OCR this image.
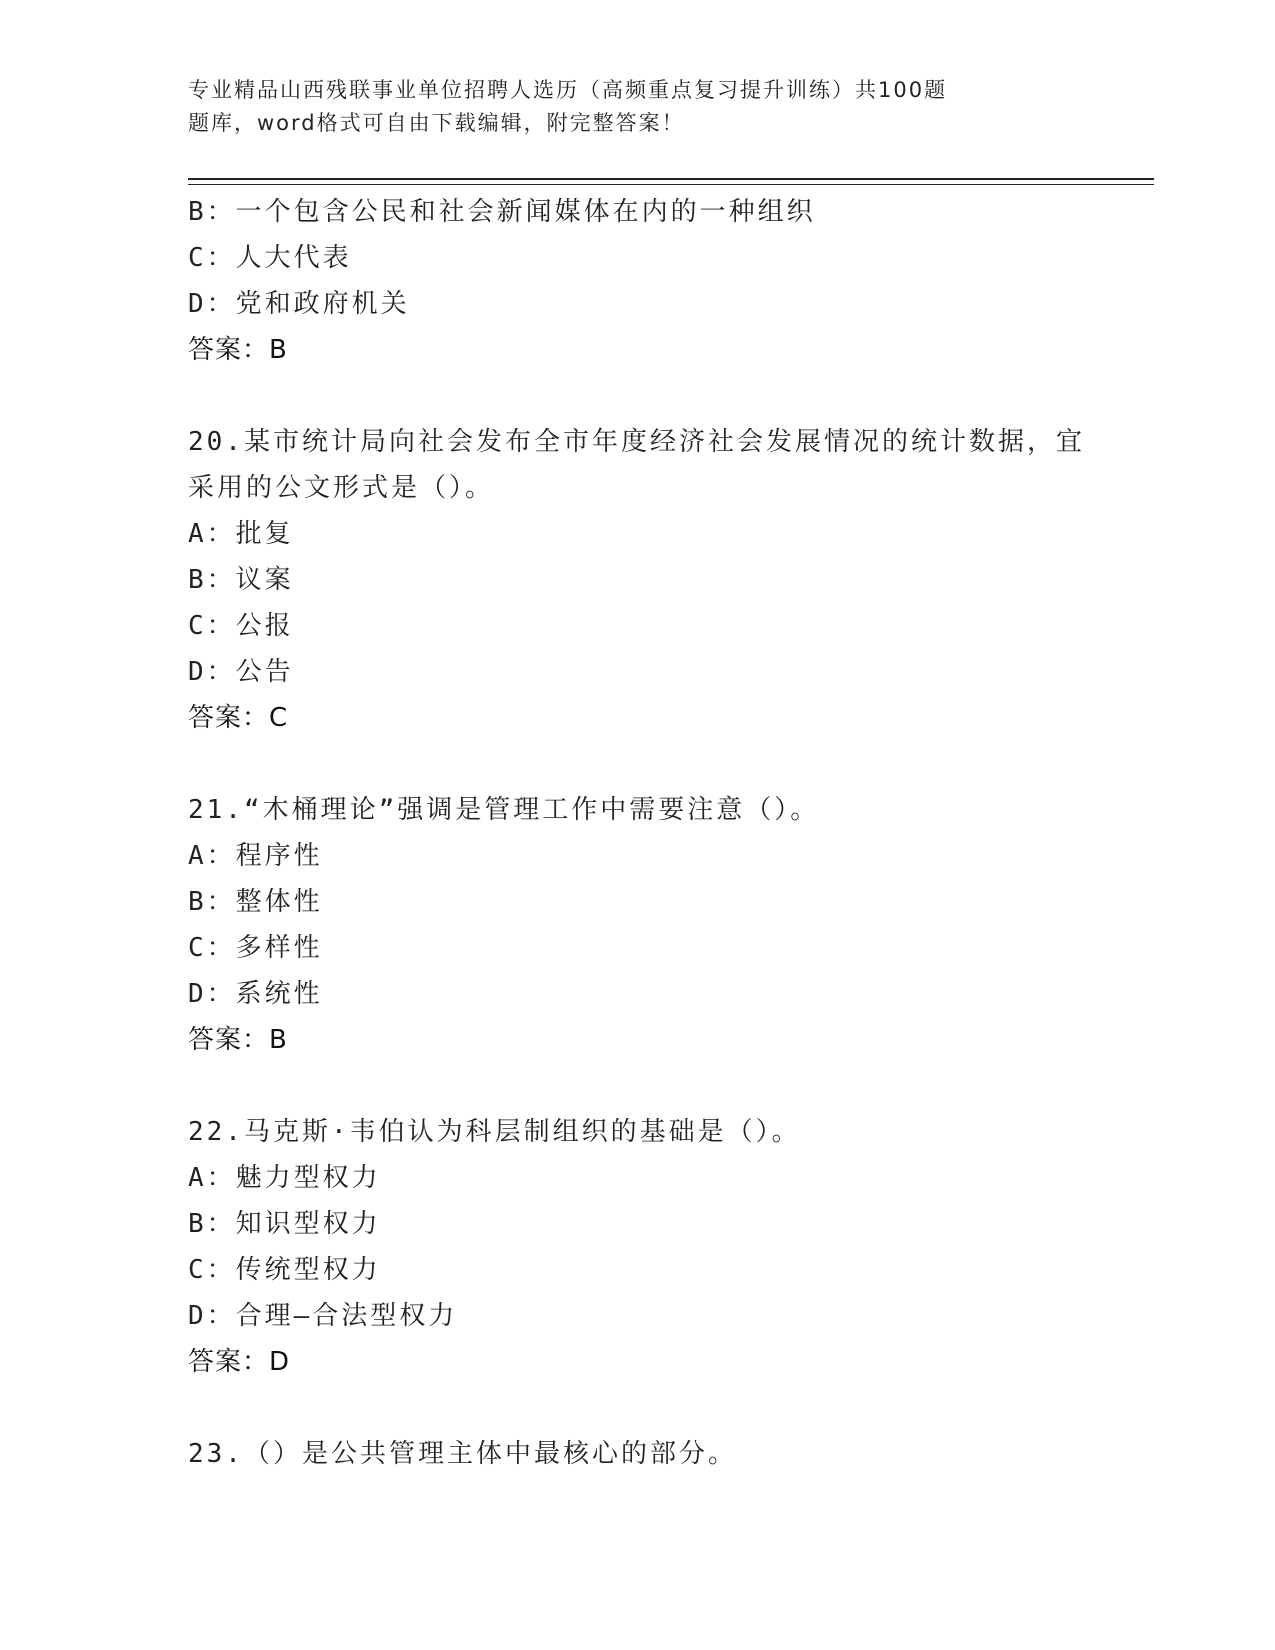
专业精品山西残联事业单位招聘人选历（高频重点复习提升训练）共100题
题库，word格式可自由下载编辑，附完整答案！
B：一个包含公民和社会新闻媒体在内的一种组织
C：人大代表
D：党和政府机关
答案：B
20.某市统计局向社会发布全市年度经济社会发展情况的统计数据，宜
采用的公文形式是（）。
A：批复
B：议案
C：公报
D：公告
答案：C
21.“木桶理论”强调是管理工作中需要注意（）。
A：程序性
B：整体性
C：多样性
D：系统性
答案：B
22.马克斯·韦伯认为科层制组织的基础是（）。
A：魅力型权力
B：知识型权力
C：传统型权力
D：合理—合法型权力
答案：D
23.（）是公共管理主体中最核心的部分。
